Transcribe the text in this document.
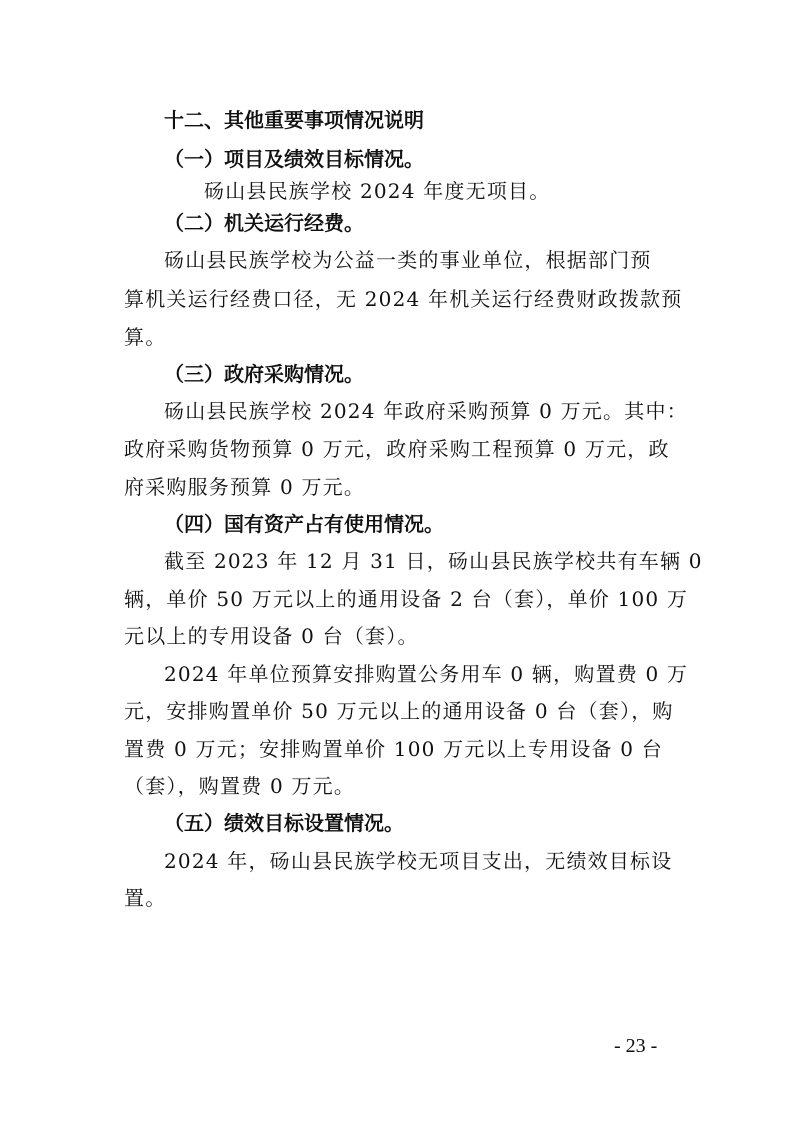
十二、其他重要事项情况说明
（一）项目及绩效目标情况。
砀山县民族学校 2024 年度无项目。
（二）机关运行经费。
砀山县民族学校为公益一类的事业单位，根据部门预
算机关运行经费口径，无 2024 年机关运行经费财政拨款预
算。
（三）政府采购情况。
砀山县民族学校 2024 年政府采购预算 0 万元。其中：
政府采购货物预算 0 万元，政府采购工程预算 0 万元，政
府采购服务预算 0 万元。
（四）国有资产占有使用情况。
截至 2023 年 12 月 31 日，砀山县民族学校共有车辆 0
辆，单价 50 万元以上的通用设备 2 台（套），单价 100 万
元以上的专用设备 0 台（套）。
2024 年单位预算安排购置公务用车 0 辆，购置费 0 万
元，安排购置单价 50 万元以上的通用设备 0 台（套），购
置费 0 万元；安排购置单价 100 万元以上专用设备 0 台
（套），购置费 0 万元。
（五）绩效目标设置情况。
2024 年，砀山县民族学校无项目支出，无绩效目标设
置。
- 23 -
